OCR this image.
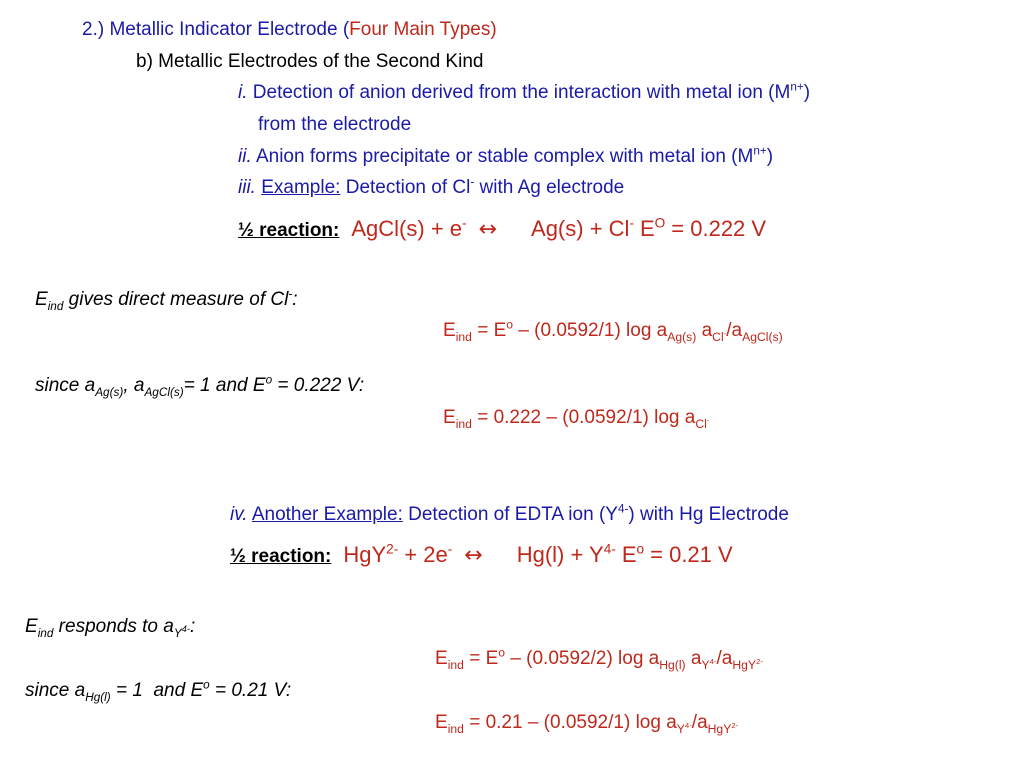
2.) Metallic Indicator Electrode (Four Main Types)
b) Metallic Electrodes of the Second Kind
i. Detection of anion derived from the interaction with metal ion $(M^{n+})$
from the electrode
ii. Anion forms precipitate or stable complex with metal ion $(M^{n+})$
iii. Example: Detection of Cl- with Ag electrode
½ reaction: AgCl(s) + e- ↔ Ag(s) + Cl- $E^O = 0.222$ V
$E_{ind}$ gives direct measure of Cl-:
$E_{ind} = E^o - (0.0592/1)$ $\log a_{Ag(s)}$ $a_{Cl^-}/a_{AgCl(s)}$
since $a_{Ag(s)}$, $a_{AgCl(s)}= 1$ and $E^o = 0.222$ V:
$E_{ind} = 0.222 - (0.0592/1)$ $\log a_{Cl^-}$
iv. Another Example: Detection of EDTA ion $(Y^{4-})$ with Hg Electrode
½ reaction: HgY$^{2-}$ + 2e- ↔ $Hg(l) + Y^{4-}$ $E^o = 0.21$ V
$E_{ind}$ responds to $a_{Y^{4-}}$:
$E_{ind} = E^o - (0.0592/2)$ $\log a_{Hg(l)}$ $a_{Y^{4-}}/a_{HgY^{2-}}$
since $a_{Hg(l)} = 1$  and $E^o = 0.21$ V:
$E_{ind} = 0.21 - (0.0592/1)$ $\log a_{Y^{4-}}/a_{HgY^{2-}}$
